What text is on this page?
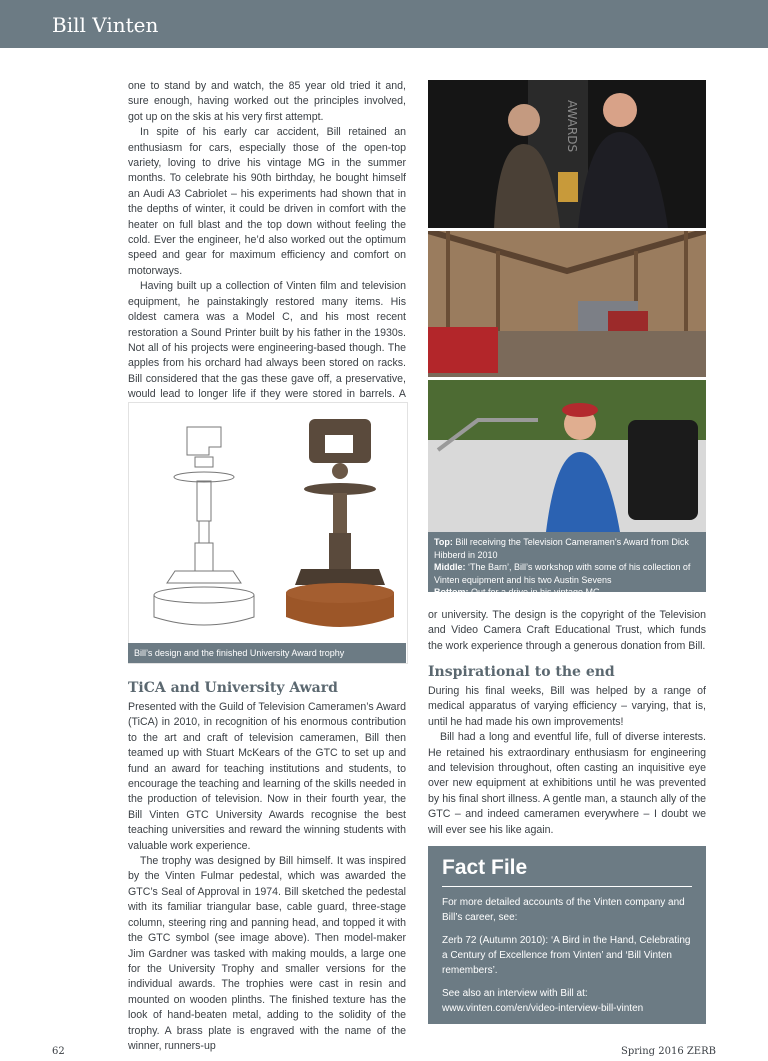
Bill Vinten

one to stand by and watch, the 85 year old tried it and, sure enough, having worked out the principles involved, got up on the skis at his very first attempt.

In spite of his early car accident, Bill retained an enthusiasm for cars, especially those of the open-top variety, loving to drive his vintage MG in the summer months. To celebrate his 90th birthday, he bought himself an Audi A3 Cabriolet – his experiments had shown that in the depths of winter, it could be driven in comfort with the heater on full blast and the top down without feeling the cold. Ever the engineer, he’d also worked out the optimum speed and gear for maximum efficiency and comfort on motorways.

Having built up a collection of Vinten film and television equipment, he painstakingly restored many items. His oldest camera was a Model C, and his most recent restoration a Sound Printer built by his father in the 1930s. Not all of his projects were engineering-based though. The apples from his orchard had always been stored on racks. Bill considered that the gas these gave off, a preservative, would lead to longer life if they were stored in barrels. A

Bill’s design and the finished University Award trophy
TiCA and University Award

Presented with the Guild of Television Cameramen’s Award (TiCA) in 2010, in recognition of his enormous contribution to the art and craft of television cameramen, Bill then teamed up with Stuart McKears of the GTC to set up and fund an award for teaching institutions and students, to encourage the teaching and learning of the skills needed in the production of television. Now in their fourth year, the Bill Vinten GTC University Awards recognise the best teaching universities and reward the winning students with valuable work experience.

The trophy was designed by Bill himself. It was inspired by the Vinten Fulmar pedestal, which was awarded the GTC’s Seal of Approval in 1974. Bill sketched the pedestal with its familiar triangular base, cable guard, three-stage column, steering ring and panning head, and topped it with the GTC symbol (see image above). Then model-maker Jim Gardner was tasked with making moulds, a large one for the University Trophy and smaller versions for the individual awards. The trophies were cast in resin and mounted on wooden plinths. The finished texture has the look of hand-beaten metal, adding to the solidity of the trophy. A brass plate is engraved with the name of the winner, runners-up

AWARDS
Top: Bill receiving the Television Cameramen’s Award from Dick Hibberd in 2010
Middle: ‘The Barn’, Bill’s workshop with some of his collection of Vinten equipment and his two Austin Sevens
Bottom: Out for a drive in his vintage MG

or university. The design is the copyright of the Television and Video Camera Craft Educational Trust, which funds the work experience through a generous donation from Bill.

Inspirational to the end

During his final weeks, Bill was helped by a range of medical apparatus of varying efficiency – varying, that is, until he had made his own improvements!

Bill had a long and eventful life, full of diverse interests. He retained his extraordinary enthusiasm for engineering and television throughout, often casting an inquisitive eye over new equipment at exhibitions until he was prevented by his final short illness. A gentle man, a staunch ally of the GTC – and indeed cameramen everywhere – I doubt we will ever see his like again.

Fact File

For more detailed accounts of the Vinten company and Bill’s career, see:

Zerb 72 (Autumn 2010): ‘A Bird in the Hand, Celebrating a Century of Excellence from Vinten’ and ‘Bill Vinten remembers’.

See also an interview with Bill at: www.vinten.com/en/video-interview-bill-vinten

62	Spring 2016 ZERB
